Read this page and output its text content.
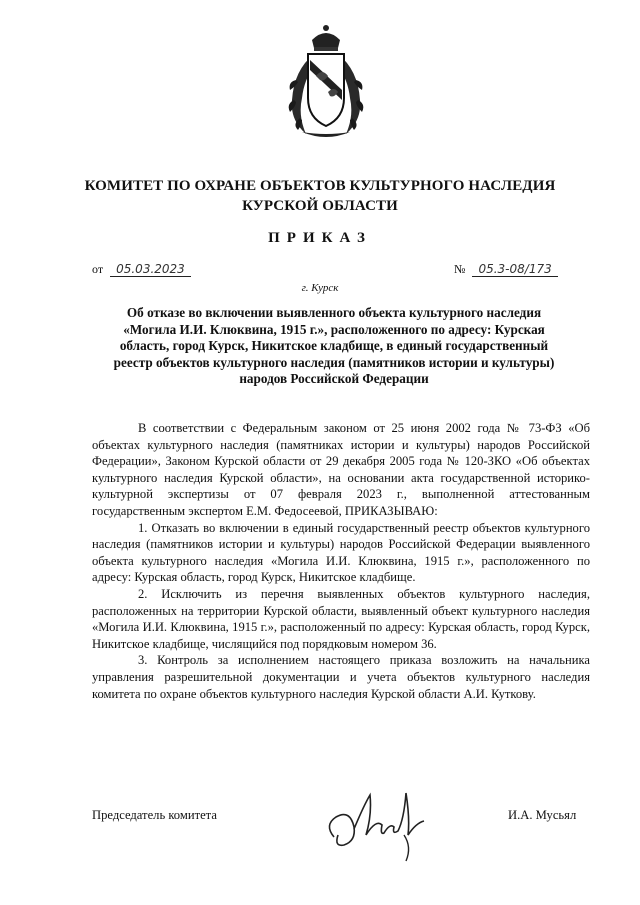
КОМИТЕТ ПО ОХРАНЕ ОБЪЕКТОВ КУЛЬТУРНОГО НАСЛЕДИЯ
КУРСКОЙ ОБЛАСТИ
ПРИКАЗ
от 05.03.2023	№ 05.3-08/173
г. Курск
Об отказе во включении выявленного объекта культурного наследия «Могила И.И. Клюквина, 1915 г.», расположенного по адресу: Курская область, город Курск, Никитское кладбище, в единый государственный реестр объектов культурного наследия (памятников истории и культуры) народов Российской Федерации

В соответствии с Федеральным законом от 25 июня 2002 года № 73-ФЗ «Об объектах культурного наследия (памятниках истории и культуры) народов Российской Федерации», Законом Курской области от 29 декабря 2005 года № 120-ЗКО «Об объектах культурного наследия Курской области», на основании акта государственной историко-культурной экспертизы от 07 февраля 2023 г., выполненной аттестованным государственным экспертом Е.М. Федосеевой, ПРИКАЗЫВАЮ:

1. Отказать во включении в единый государственный реестр объектов культурного наследия (памятников истории и культуры) народов Российской Федерации выявленного объекта культурного наследия «Могила И.И. Клюквина, 1915 г.», расположенного по адресу: Курская область, город Курск, Никитское кладбище.

2. Исключить из перечня выявленных объектов культурного наследия, расположенных на территории Курской области, выявленный объект культурного наследия «Могила И.И. Клюквина, 1915 г.», расположенный по адресу: Курская область, город Курск, Никитское кладбище, числящийся под порядковым номером 36.

3. Контроль за исполнением настоящего приказа возложить на начальника управления разрешительной документации и учета объектов культурного наследия комитета по охране объектов культурного наследия Курской области А.И. Куткову.

Председатель комитета	И.А. Мусьял
